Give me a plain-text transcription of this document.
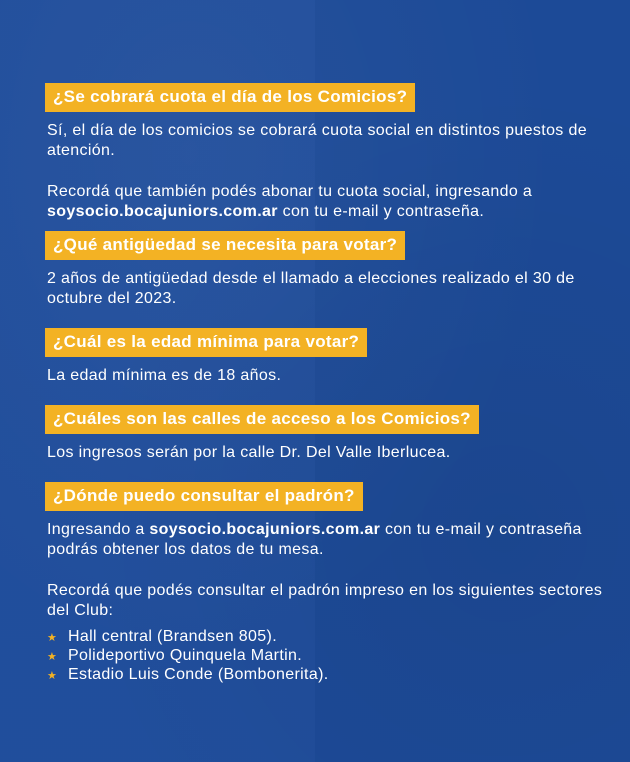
¿Se cobrará cuota el día de los Comicios?

Sí, el día de los comicios se cobrará cuota social en distintos puestos de atención.

Recordá que también podés abonar tu cuota social, ingresando a soysocio.bocajuniors.com.ar con tu e-mail y contraseña.

¿Qué antigüedad se necesita para votar?

2 años de antigüedad desde el llamado a elecciones realizado el 30 de octubre del 2023.

¿Cuál es la edad mínima para votar?

La edad mínima es de 18 años.

¿Cuáles son las calles de acceso a los Comicios?

Los ingresos serán por la calle Dr. Del Valle Iberlucea.

¿Dónde puedo consultar el padrón?

Ingresando a soysocio.bocajuniors.com.ar con tu e-mail y contraseña podrás obtener los datos de tu mesa.

Recordá que podés consultar el padrón impreso en los siguientes sectores del Club:

★ Hall central (Brandsen 805).
★ Polideportivo Quinquela Martin.
★ Estadio Luis Conde (Bombonerita).
